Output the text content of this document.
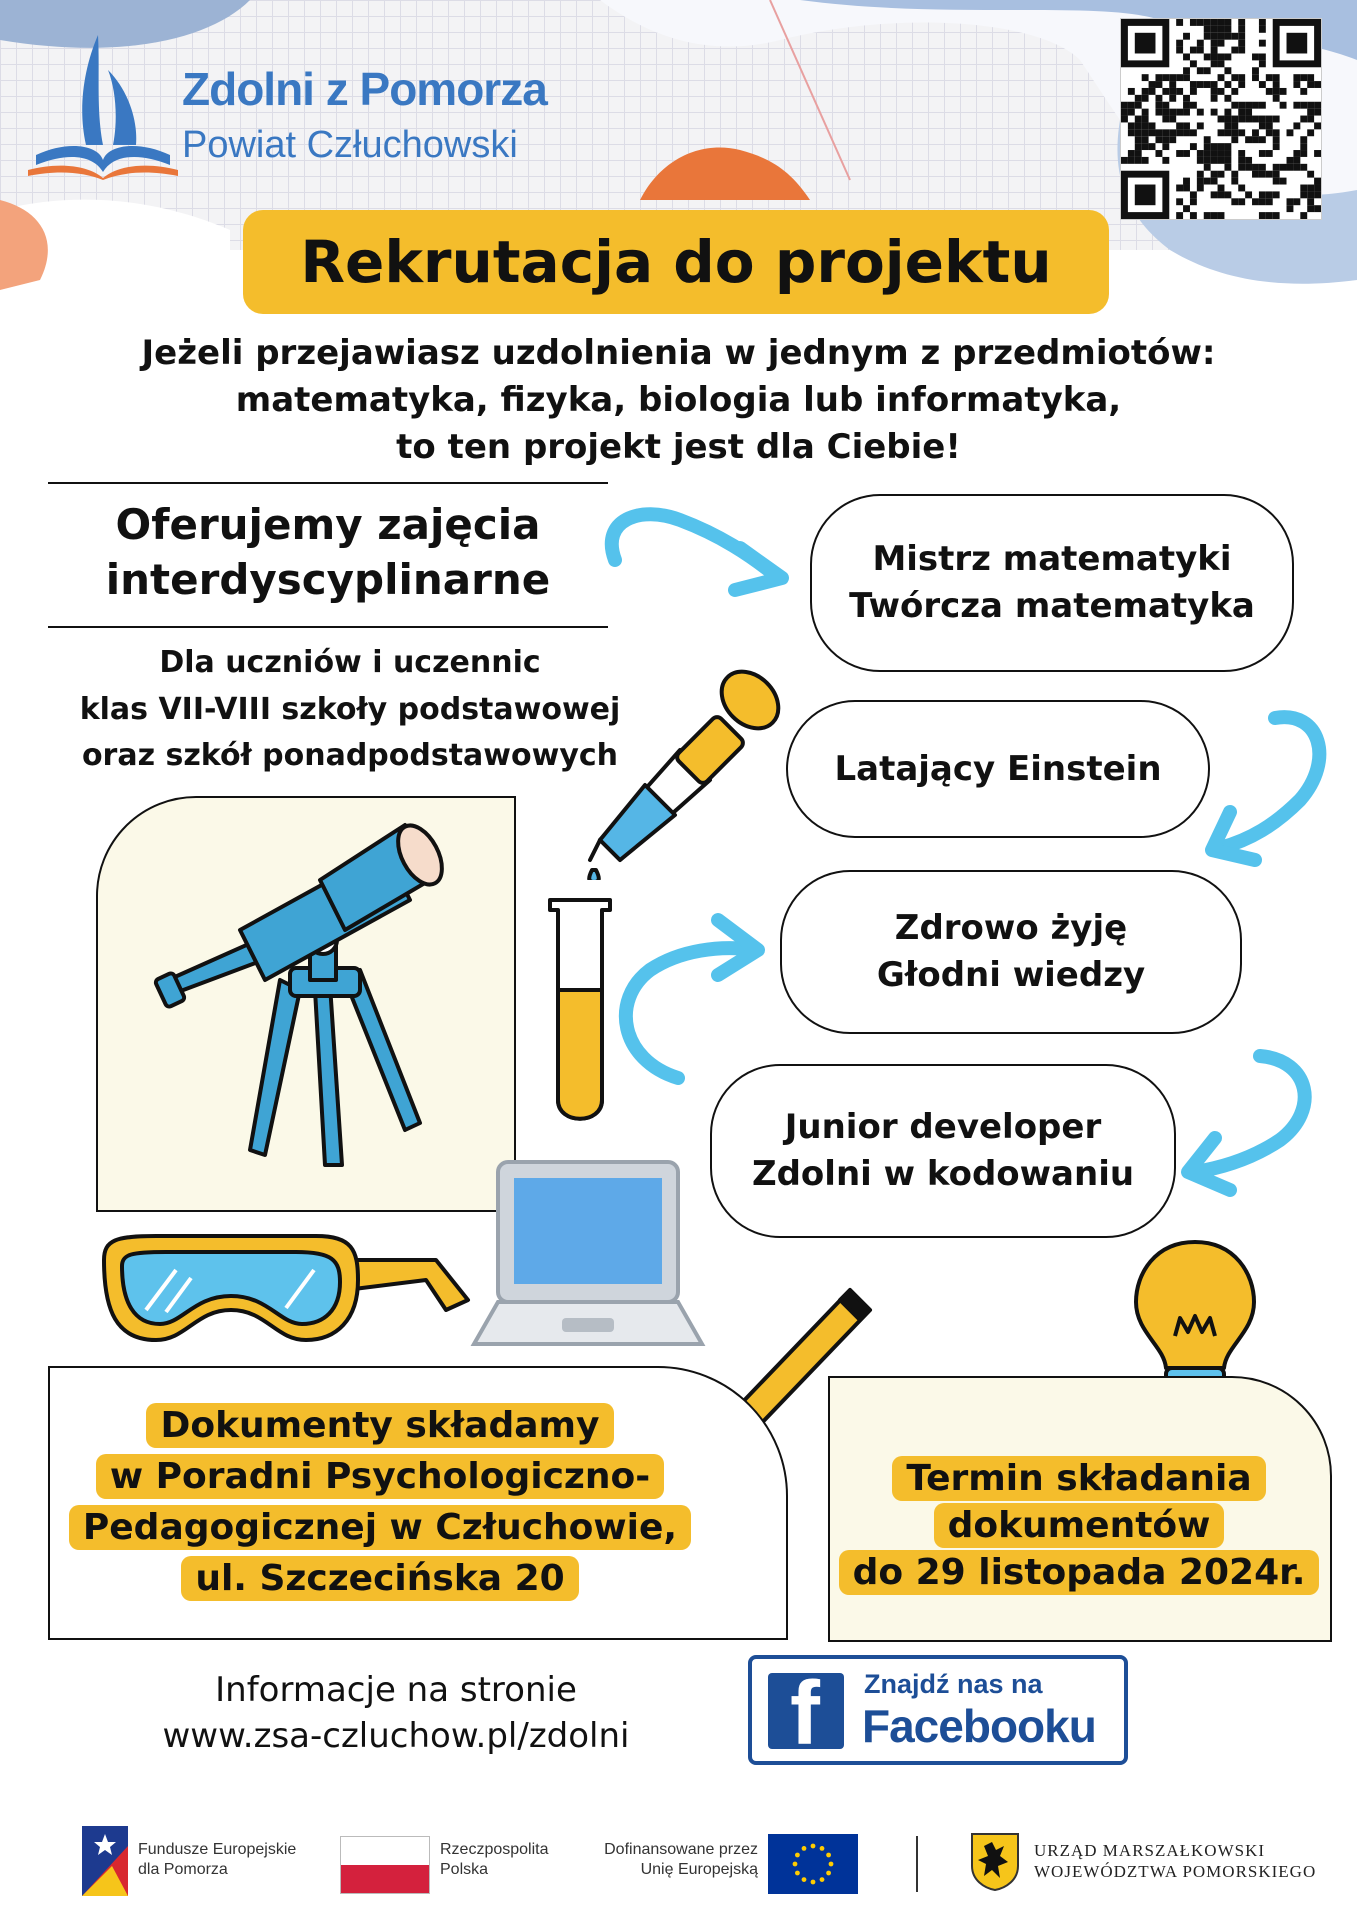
Zdolni z Pomorza
Powiat Człuchowski
Rekrutacja do projektu
Jeżeli przejawiasz uzdolnienia w jednym z przedmiotów:
matematyka, fizyka, biologia lub informatyka,
to ten projekt jest dla Ciebie!
Oferujemy zajęcia
interdyscyplinarne
Dla uczniów i uczennic
klas VII-VIII szkoły podstawowej
oraz szkół ponadpodstawowych
Mistrz matematyki
Twórcza matematyka
Latający Einstein
Zdrowo żyję
Głodni wiedzy
Junior developer
Zdolni w kodowaniu
Dokumenty składamy
w Poradni Psychologiczno-
Pedagogicznej w Człuchowie,
ul. Szczecińska 20
Termin składania
dokumentów
do 29 listopada 2024r.
Informacje na stronie
www.zsa-czluchow.pl/zdolni	f Znajdź nas na
Facebooku
Fundusze Europejskie
dla Pomorza
Rzeczpospolita
Polska
Dofinansowane przez
Unię Europejską
URZĄD MARSZAŁKOWSKI
WOJEWÓDZTWA POMORSKIEGO
